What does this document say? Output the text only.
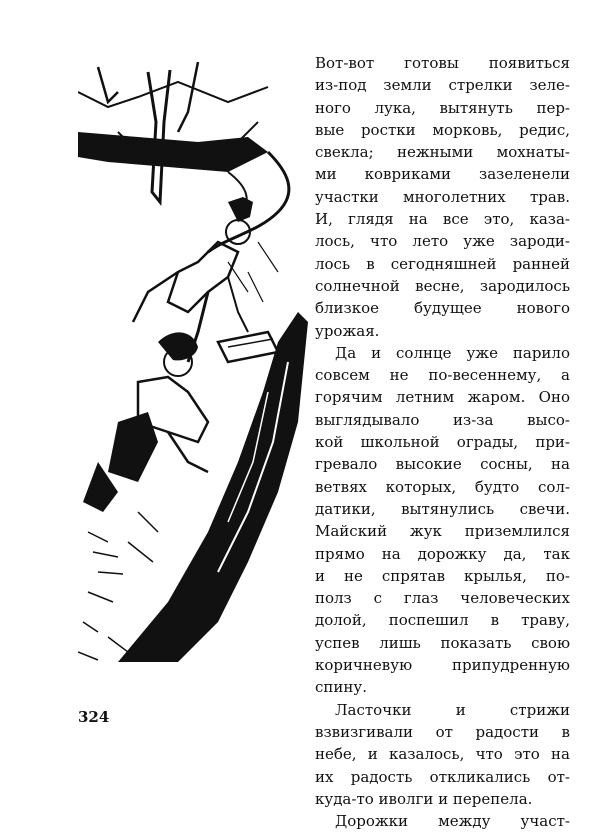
Вот-вот готовы появиться
из-под земли стрелки зеле-
ного лука, вытянуть пер-
вые ростки морковь, редис,
свекла; нежными мохнаты-
ми ковриками зазеленели
участки многолетних трав.
И, глядя на все это, каза-
лось, что лето уже зароди-
лось в сегодняшней ранней
солнечной весне, зародилось
близкое будущее нового
урожая.
Да и солнце уже парило
совсем не по-весеннему, а
горячим летним жаром. Оно
выглядывало из-за высо-
кой школьной ограды, при-
гревало высокие сосны, на
ветвях которых, будто сол-
датики, вытянулись свечи.
Майский жук приземлился
прямо на дорожку да, так
и не спрятав крылья, по-
полз с глаз человеческих
долой, поспешил в траву,
успев лишь показать свою
коричневую припудренную
спину.
Ласточки и стрижи
взвизгивали от радости в
небе, и казалось, что это на
их радость откликались от-
куда-то иволги и перепела.
Дорожки между участ-
324
